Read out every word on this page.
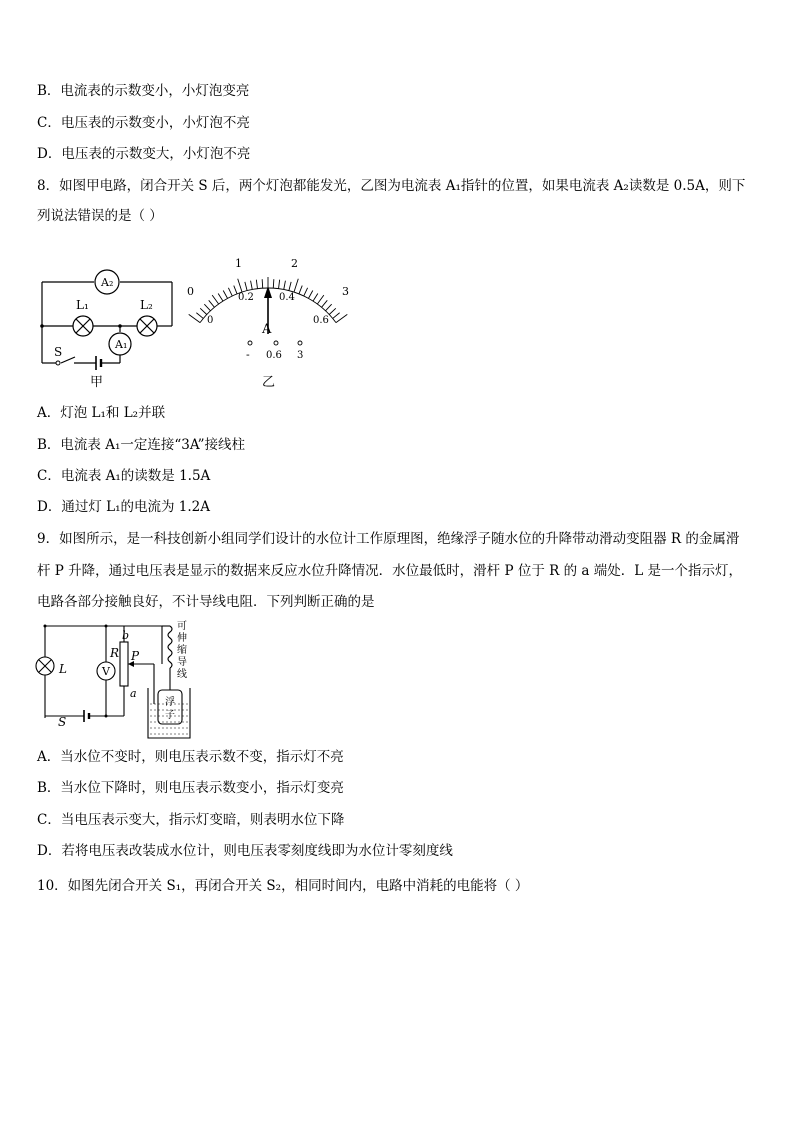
B．电流表的示数变小，小灯泡变亮
C．电压表的示数变小，小灯泡不亮
D．电压表的示数变大，小灯泡不亮
8．如图甲电路，闭合开关 S 后，两个灯泡都能发光，乙图为电流表 A₁指针的位置，如果电流表 A₂读数是 0.5A，则下
列说法错误的是（ ）
A₂
A₁
L₁	L₂
S
甲
0
1	2
3
0
0.2	0.4
0.6
A
- 0.6 3
乙
A．灯泡 L₁和 L₂并联
B．电流表 A₁一定连接“3A”接线柱
C．电流表 A₁的读数是 1.5A
D．通过灯 L₁的电流为 1.2A
9．如图所示，是一科技创新小组同学们设计的水位计工作原理图，绝缘浮子随水位的升降带动滑动变阻器 R 的金属滑
杆 P 升降，通过电压表是显示的数据来反应水位升降情况．水位最低时，滑杆 P 位于 R 的 a 端处．L 是一个指示灯，
电路各部分接触良好，不计导线电阻．下列判断正确的是
L	V
R P
b
a
S
可
伸
缩
导
线
浮
子
A．当水位不变时，则电压表示数不变，指示灯不亮
B．当水位下降时，则电压表示数变小，指示灯变亮
C．当电压表示变大，指示灯变暗，则表明水位下降
D．若将电压表改装成水位计，则电压表零刻度线即为水位计零刻度线
10．如图先闭合开关 S₁，再闭合开关 S₂，相同时间内，电路中消耗的电能将（ ）
